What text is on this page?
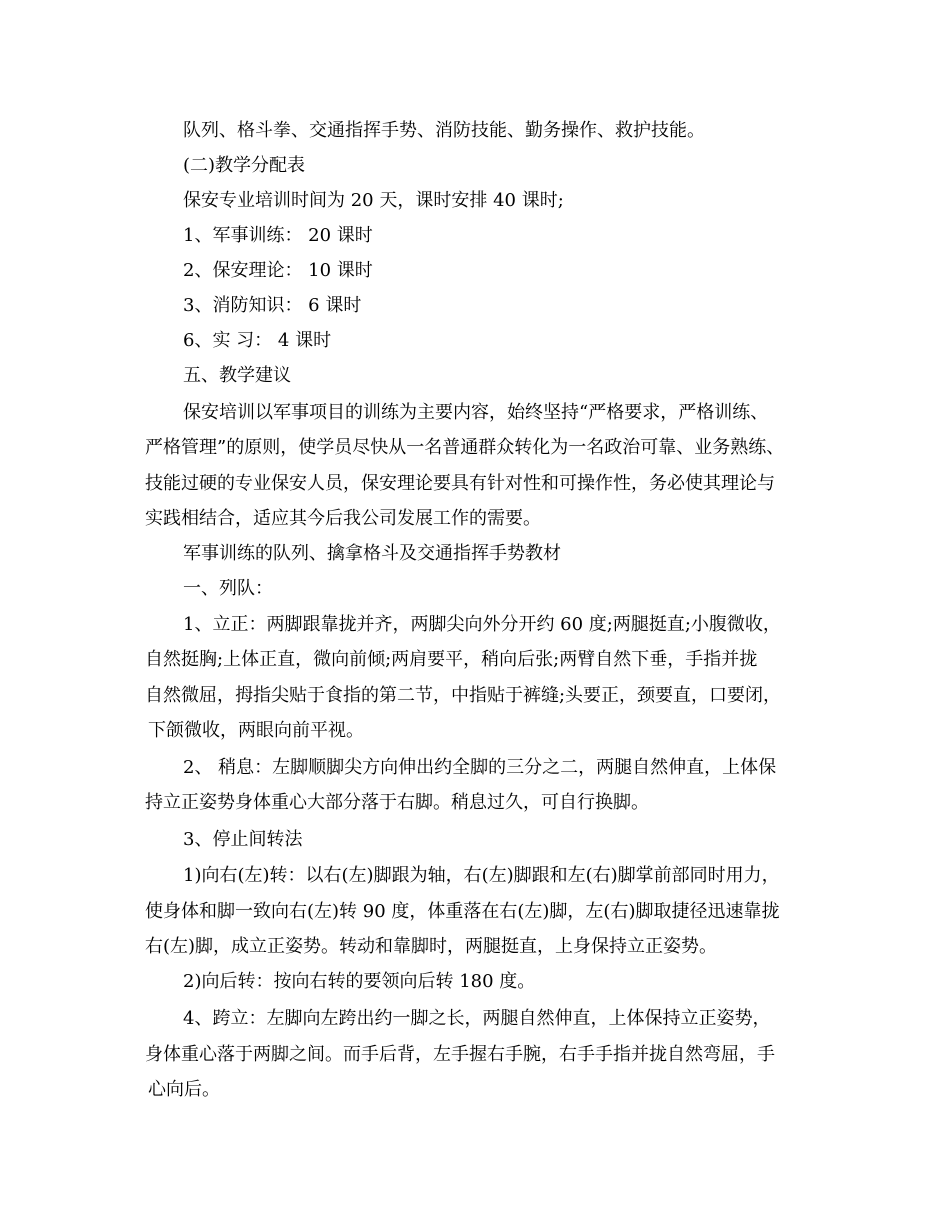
队列、格斗拳、交通指挥手势、消防技能、勤务操作、救护技能。

(二)教学分配表

保安专业培训时间为 20 天，课时安排 40 课时;

1、军事训练： 20 课时

2、保安理论： 10 课时

3、消防知识： 6 课时

6、实 习： 4 课时

五、教学建议

保安培训以军事项目的训练为主要内容，始终坚持“严格要求，严格训练、

严格管理”的原则，使学员尽快从一名普通群众转化为一名政治可靠、业务熟练、

技能过硬的专业保安人员，保安理论要具有针对性和可操作性，务必使其理论与

实践相结合，适应其今后我公司发展工作的需要。

军事训练的队列、擒拿格斗及交通指挥手势教材

一、列队：

1、立正：两脚跟靠拢并齐，两脚尖向外分开约 60 度;两腿挺直;小腹微收，

自然挺胸;上体正直，微向前倾;两肩要平，稍向后张;两臂自然下垂，手指并拢

自然微屈，拇指尖贴于食指的第二节，中指贴于裤缝;头要正，颈要直，口要闭，

下颌微收，两眼向前平视。

2、 稍息：左脚顺脚尖方向伸出约全脚的三分之二，两腿自然伸直，上体保

持立正姿势身体重心大部分落于右脚。稍息过久，可自行换脚。

3、停止间转法

1)向右(左)转：以右(左)脚跟为轴，右(左)脚跟和左(右)脚掌前部同时用力，

使身体和脚一致向右(左)转 90 度，体重落在右(左)脚，左(右)脚取捷径迅速靠拢

右(左)脚，成立正姿势。转动和靠脚时，两腿挺直，上身保持立正姿势。

2)向后转：按向右转的要领向后转 180 度。

4、跨立：左脚向左跨出约一脚之长，两腿自然伸直，上体保持立正姿势，

身体重心落于两脚之间。而手后背，左手握右手腕，右手手指并拢自然弯屈，手

心向后。
